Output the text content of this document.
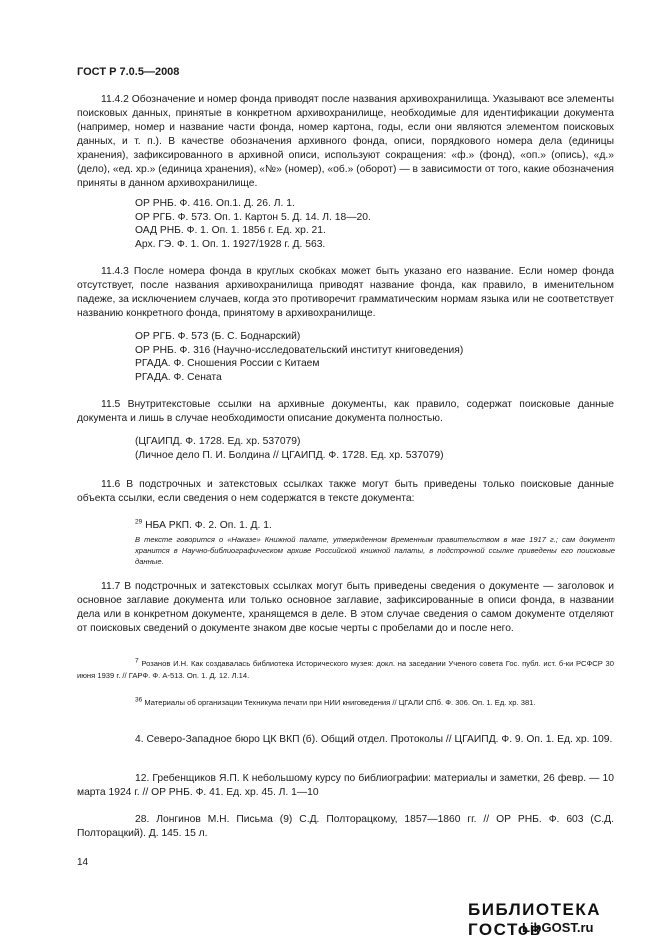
ГОСТ Р 7.0.5—2008

11.4.2 Обозначение и номер фонда приводят после названия архивохранилища. Указывают все элементы поисковых данных, принятые в конкретном архивохранилище, необходимые для идентификации документа (например, номер и название части фонда, номер картона, годы, если они являются элементом поисковых данных, и т. п.). В качестве обозначения архивного фонда, описи, порядкового номера дела (единицы хранения), зафиксированного в архивной описи, используют сокращения: «ф.» (фонд), «оп.» (опись), «д.» (дело), «ед. хр.» (единица хранения), «№» (номер), «об.» (оборот) — в зависимости от того, какие обозначения приняты в данном архивохранилище.

ОР РНБ. Ф. 416. Оп.1. Д. 26. Л. 1.
ОР РГБ. Ф. 573. Оп. 1. Картон 5. Д. 14. Л. 18—20.
ОАД РНБ. Ф. 1. Оп. 1. 1856 г. Ед. хр. 21.
Арх. ГЭ. Ф. 1. Оп. 1. 1927/1928 г. Д. 563.

11.4.3 После номера фонда в круглых скобках может быть указано его название. Если номер фонда отсутствует, после названия архивохранилища приводят название фонда, как правило, в именительном падеже, за исключением случаев, когда это противоречит грамматическим нормам языка или не соответствует названию конкретного фонда, принятому в архивохранилище.

ОР РГБ. Ф. 573 (Б. С. Боднарский)
ОР РНБ. Ф. 316 (Научно-исследовательский институт книговедения)
РГАДА. Ф. Сношения России с Китаем
РГАДА. Ф. Сената

11.5 Внутритекстовые ссылки на архивные документы, как правило, содержат поисковые данные документа и лишь в случае необходимости описание документа полностью.

(ЦГАИПД. Ф. 1728. Ед. хр. 537079)
(Личное дело П. И. Болдина // ЦГАИПД. Ф. 1728. Ед. хр. 537079)

11.6 В подстрочных и затекстовых ссылках также могут быть приведены только поисковые данные объекта ссылки, если сведения о нем содержатся в тексте документа:

$^{29}$ НБА РКП. Ф. 2. Оп. 1. Д. 1.
В тексте говорится о «Наказе» Книжной палате, утвержденном Временным правительством в мае 1917 г.; сам документ хранится в Научно-библиографическом архиве Российской книжной палаты, в подстрочной ссылке приведены его поисковые данные.

11.7 В подстрочных и затекстовых ссылках могут быть приведены сведения о документе — заголовок и основное заглавие документа или только основное заглавие, зафиксированные в описи фонда, в названии дела или в конкретном документе, хранящемся в деле. В этом случае сведения о самом документе отделяют от поисковых сведений о документе знаком две косые черты с пробелами до и после него.

$^7$ Розанов И.Н. Как создавалась библиотека Исторического музея: докл. на заседании Ученого совета Гос. публ. ист. б-ки РСФСР 30 июня 1939 г. // ГАРФ. Ф. А-513. Оп. 1. Д. 12. Л.14.
$^{36}$ Материалы об организации Техникума печати при НИИ книговедения // ЦГАЛИ СПб. Ф. 306. Оп. 1. Ед. хр. 381.

4. Северо-Западное бюро ЦК ВКП (б). Общий отдел. Протоколы // ЦГАИПД. Ф. 9. Оп. 1. Ед. хр. 109.

12. Гребенщиков Я.П. К небольшому курсу по библиографии: материалы и заметки, 26 февр. — 10 марта 1924 г. // ОР РНБ. Ф. 41. Ед. хр. 45. Л. 1—10

28. Лонгинов М.Н. Письма (9) С.Д. Полторацкому, 1857—1860 гг. // ОР РНБ. Ф. 603 (С.Д. Полторацкий). Д. 145. 15 л.

14
БИБЛИОТЕКА ГОСТов
LibGOST.ru
